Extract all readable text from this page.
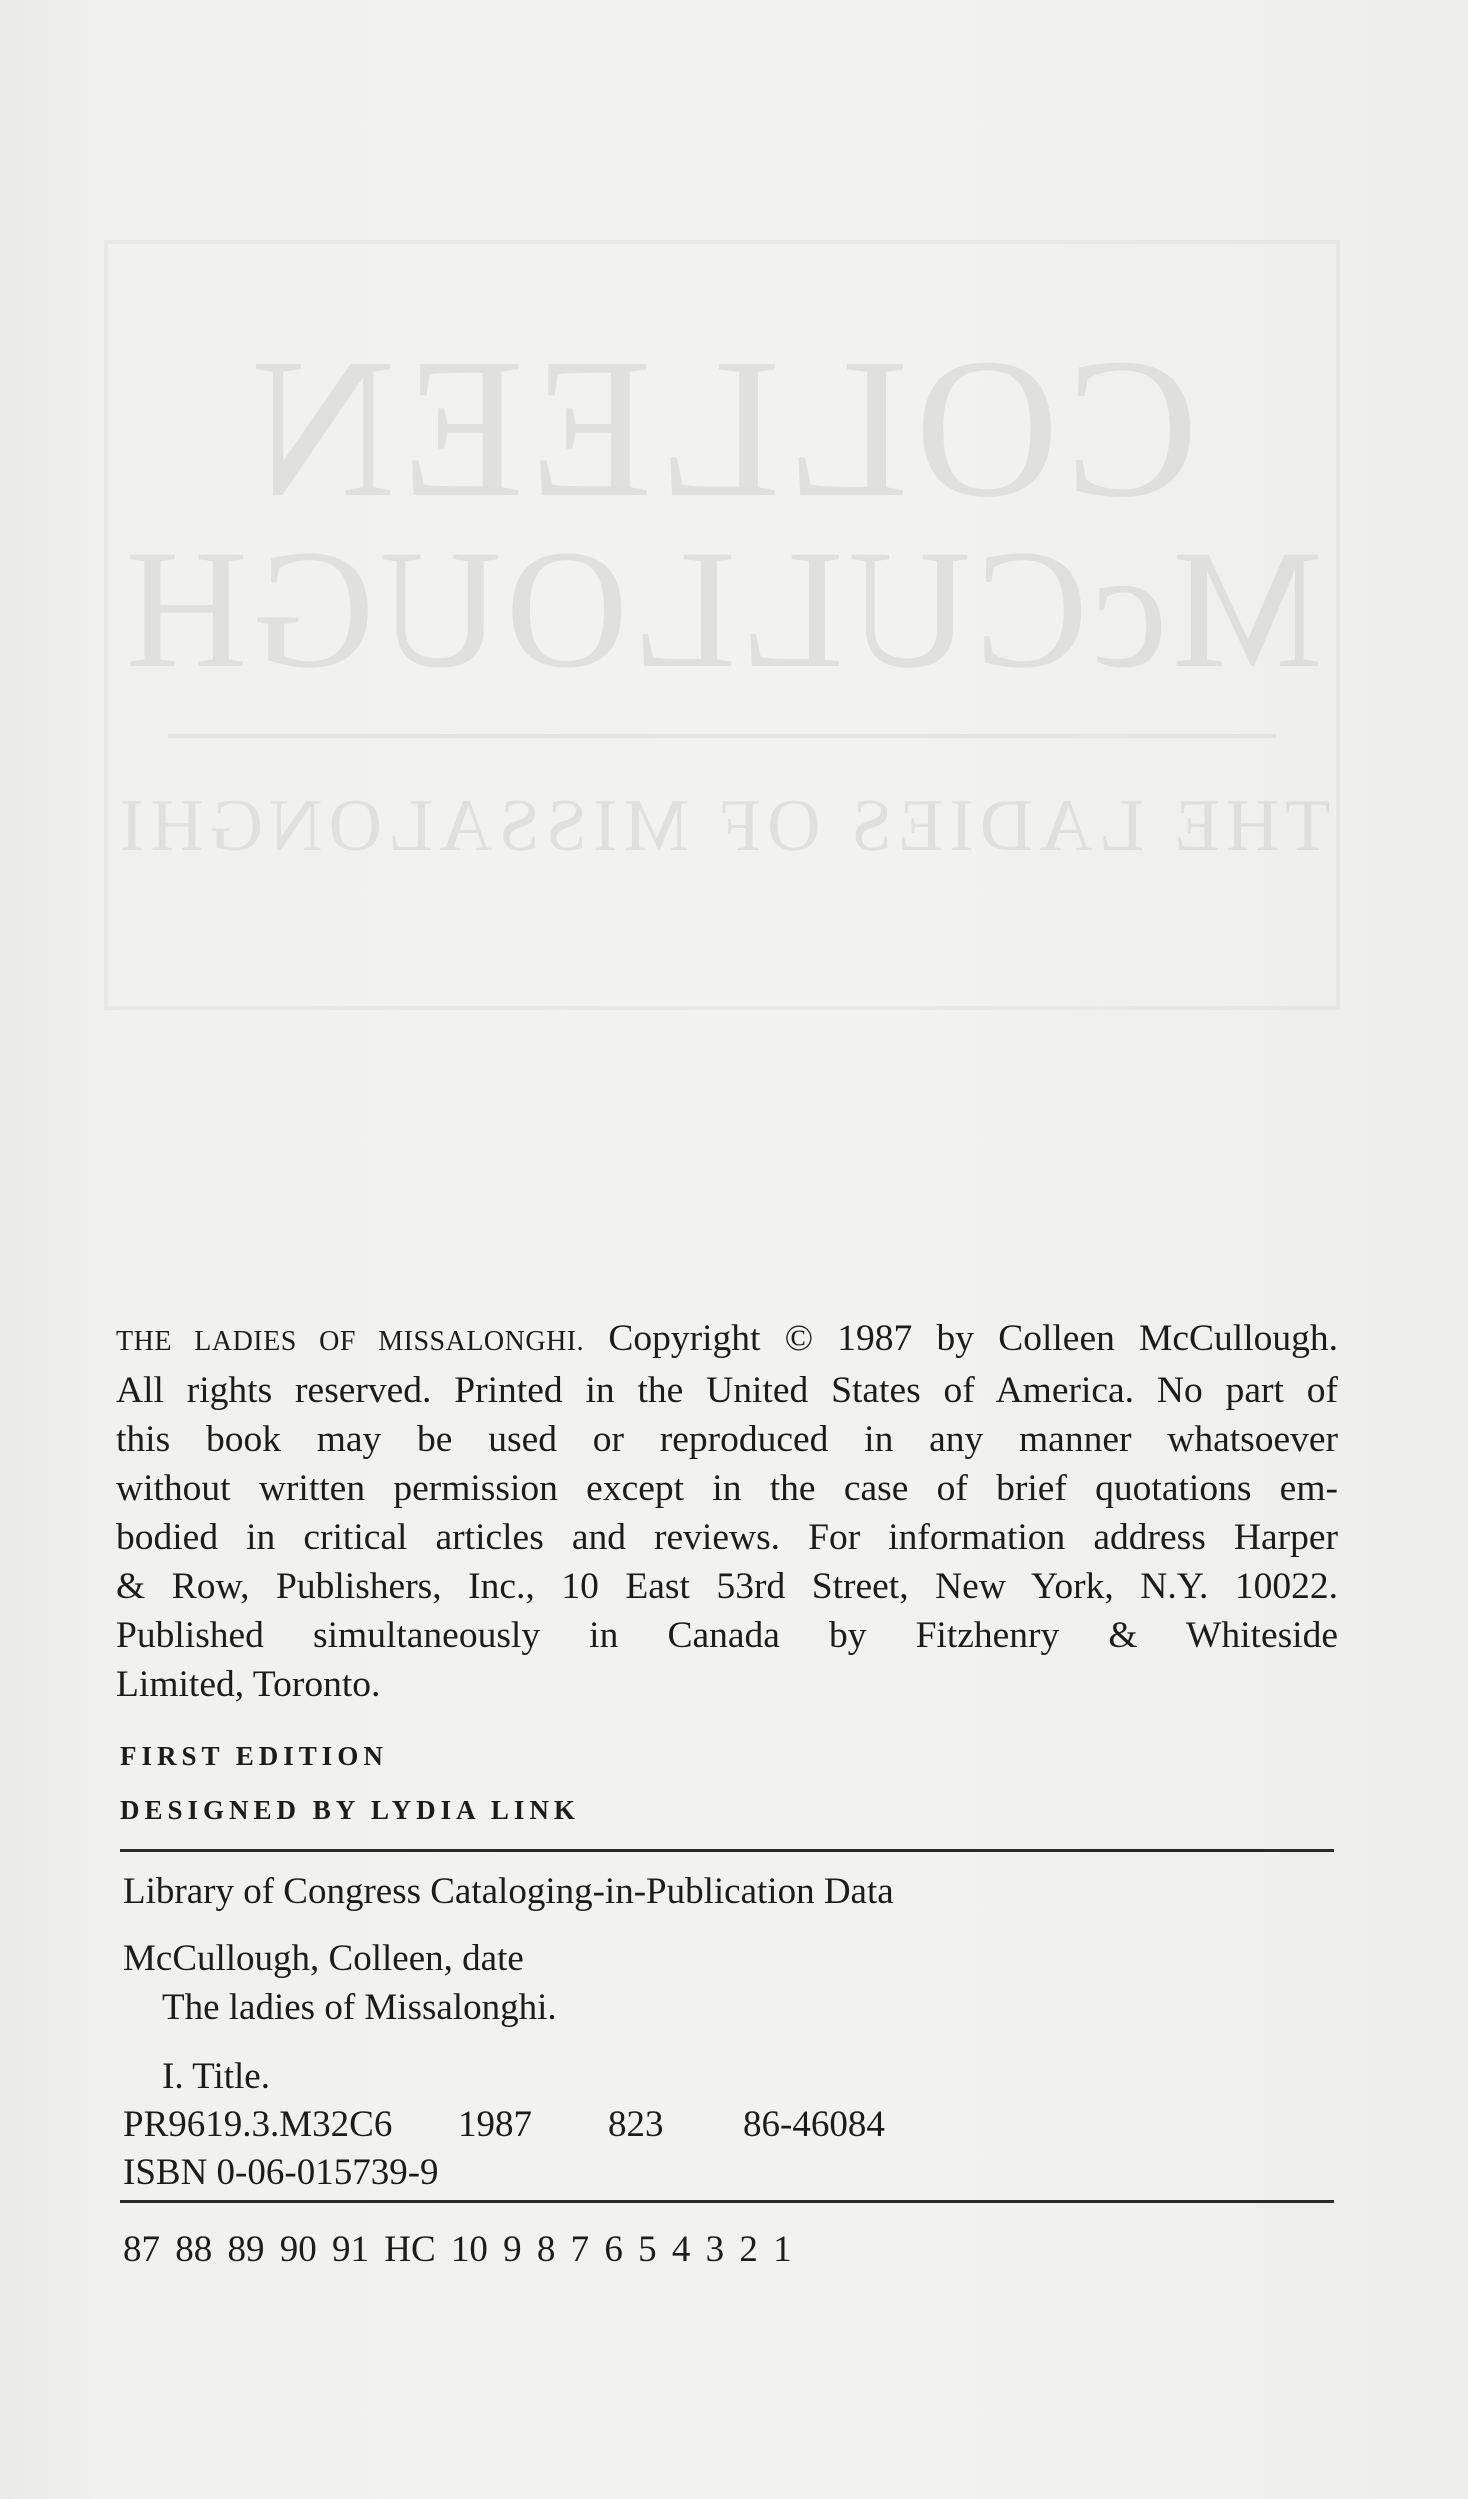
COLLEEN
McCULLOUGH
THE LADIES OF MISSALONGHI
THE LADIES OF MISSALONGHI. Copyright © 1987 by Colleen McCullough.
All rights reserved. Printed in the United States of America. No part of
this book may be used or reproduced in any manner whatsoever
without written permission except in the case of brief quotations em-
bodied in critical articles and reviews. For information address Harper
& Row, Publishers, Inc., 10 East 53rd Street, New York, N.Y. 10022.
Published simultaneously in Canada by Fitzhenry & Whiteside
Limited, Toronto.
FIRST EDITION
DESIGNED BY LYDIA LINK
Library of Congress Cataloging-in-Publication Data
McCullough, Colleen, date
The ladies of Missalonghi.
I. Title.
PR9619.3.M32C6 1987 823 86-46084
ISBN 0-06-015739-9
87 88 89 90 91 HC 10 9 8 7 6 5 4 3 2 1
